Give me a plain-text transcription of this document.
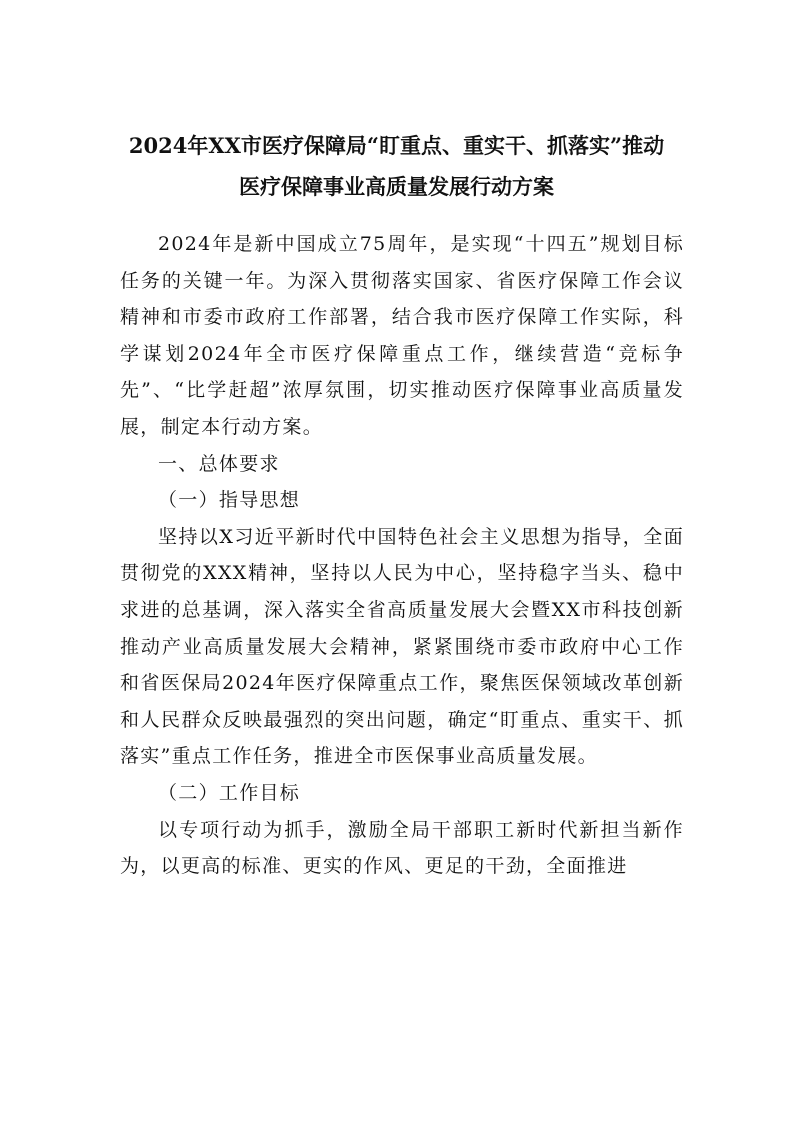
2024年XX市医疗保障局“盯重点、重实干、抓落实”推动
医疗保障事业高质量发展行动方案

2024年是新中国成立75周年，是实现“十四五”规划目标任务的关键一年。为深入贯彻落实国家、省医疗保障工作会议精神和市委市政府工作部署，结合我市医疗保障工作实际，科学谋划2024年全市医疗保障重点工作，继续营造“竞标争先”、“比学赶超”浓厚氛围，切实推动医疗保障事业高质量发展，制定本行动方案。

一、总体要求

（一）指导思想

坚持以X习近平新时代中国特色社会主义思想为指导，全面贯彻党的XXX精神，坚持以人民为中心，坚持稳字当头、稳中求进的总基调，深入落实全省高质量发展大会暨XX市科技创新推动产业高质量发展大会精神，紧紧围绕市委市政府中心工作和省医保局2024年医疗保障重点工作，聚焦医保领域改革创新和人民群众反映最强烈的突出问题，确定“盯重点、重实干、抓落实”重点工作任务，推进全市医保事业高质量发展。

（二）工作目标

以专项行动为抓手，激励全局干部职工新时代新担当新作为，以更高的标准、更实的作风、更足的干劲，全面推进
